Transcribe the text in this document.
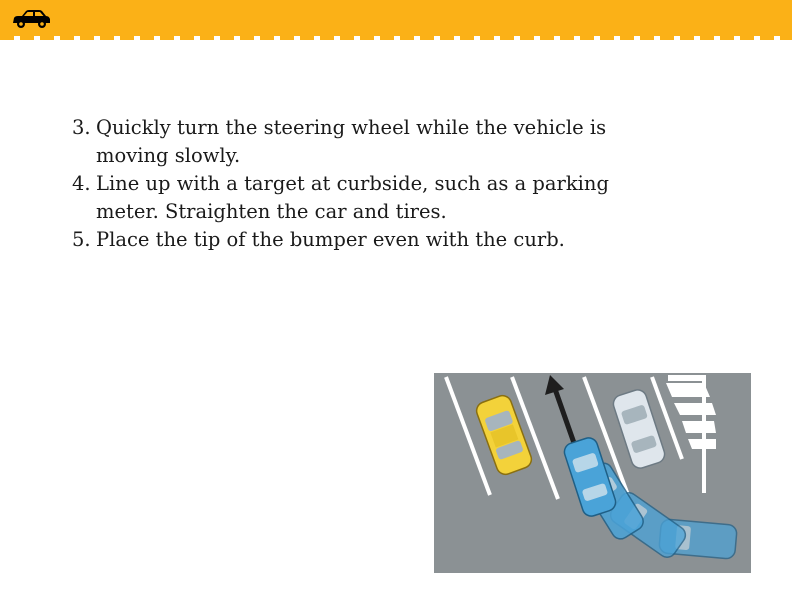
3. Quickly turn the steering wheel while the vehicle is moving slowly.
4. Line up with a target at curbside, such as a parking meter. Straighten the car and tires.
5. Place the tip of the bumper even with the curb.
